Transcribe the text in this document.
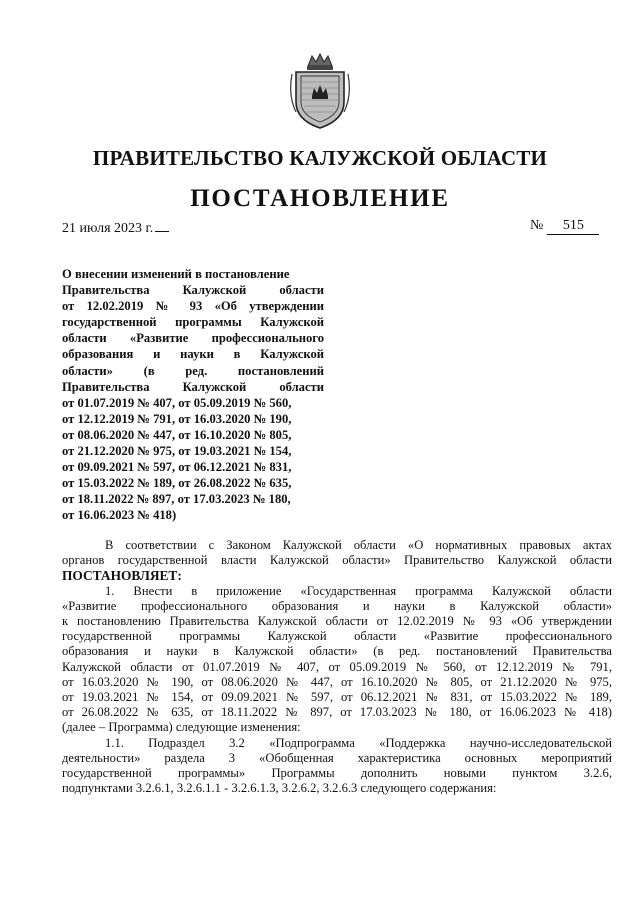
ПРАВИТЕЛЬСТВО КАЛУЖСКОЙ ОБЛАСТИ
ПОСТАНОВЛЕНИЕ
21 июля 2023 г.	№ 515
О внесении изменений в постановление
Правительства Калужской области
от 12.02.2019 № 93 «Об утверждении
государственной программы Калужской
области «Развитие профессионального
образования и науки в Калужской
области» (в ред. постановлений
Правительства Калужской области
от 01.07.2019 № 407, от 05.09.2019 № 560,
от 12.12.2019 № 791, от 16.03.2020 № 190,
от 08.06.2020 № 447, от 16.10.2020 № 805,
от 21.12.2020 № 975, от 19.03.2021 № 154,
от 09.09.2021 № 597, от 06.12.2021 № 831,
от 15.03.2022 № 189, от 26.08.2022 № 635,
от 18.11.2022 № 897, от 17.03.2023 № 180,
от 16.06.2023 № 418)
В соответствии с Законом Калужской области «О нормативных правовых актах
органов государственной власти Калужской области» Правительство Калужской области
ПОСТАНОВЛЯЕТ:
1. Внести в приложение «Государственная программа Калужской области
«Развитие профессионального образования и науки в Калужской области»
к постановлению Правительства Калужской области от 12.02.2019 № 93 «Об утверждении
государственной программы Калужской области «Развитие профессионального
образования и науки в Калужской области» (в ред. постановлений Правительства
Калужской области от 01.07.2019 № 407, от 05.09.2019 № 560, от 12.12.2019 № 791,
от 16.03.2020 № 190, от 08.06.2020 № 447, от 16.10.2020 № 805, от 21.12.2020 № 975,
от 19.03.2021 № 154, от 09.09.2021 № 597, от 06.12.2021 № 831, от 15.03.2022 № 189,
от 26.08.2022 № 635, от 18.11.2022 № 897, от 17.03.2023 № 180, от 16.06.2023 № 418)
(далее – Программа) следующие изменения:
1.1. Подраздел 3.2 «Подпрограмма «Поддержка научно-исследовательской
деятельности» раздела 3 «Обобщенная характеристика основных мероприятий
государственной программы» Программы дополнить новыми пунктом 3.2.6,
подпунктами 3.2.6.1, 3.2.6.1.1 - 3.2.6.1.3, 3.2.6.2, 3.2.6.3 следующего содержания:
